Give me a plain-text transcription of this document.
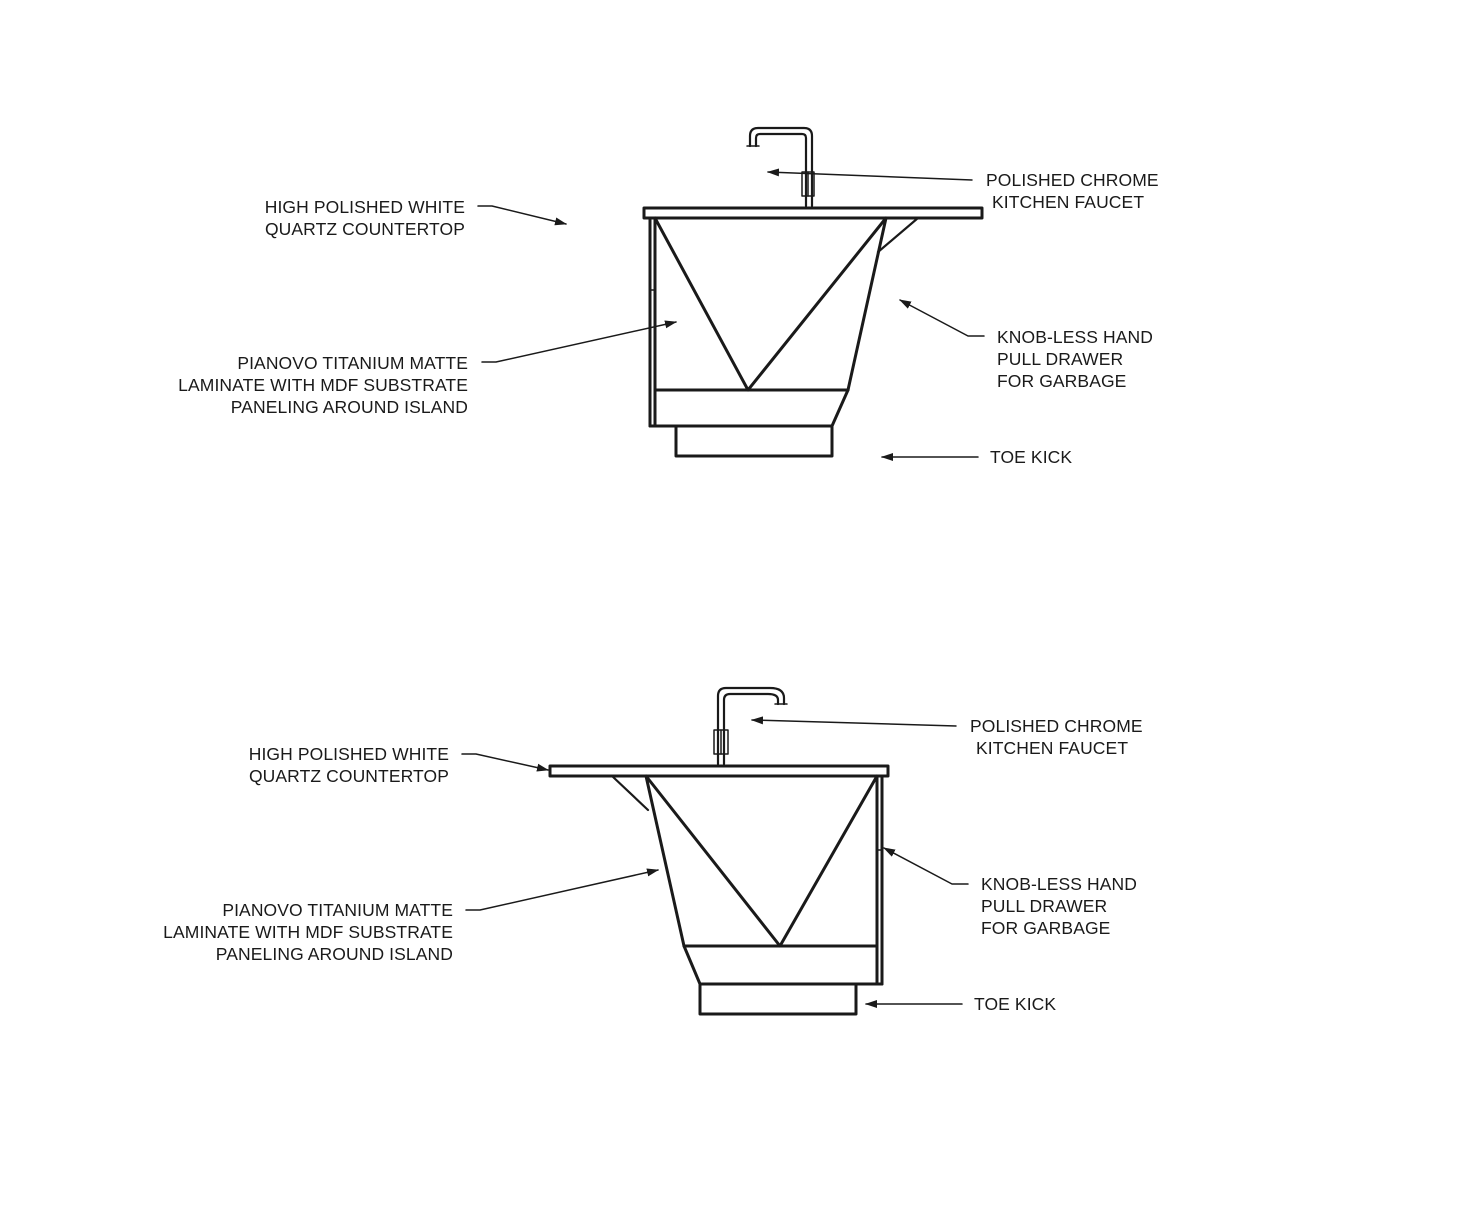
HIGH POLISHED WHITE
QUARTZ COUNTERTOP
POLISHED CHROME
KITCHEN FAUCET
PIANOVO TITANIUM MATTE
LAMINATE WITH MDF SUBSTRATE
PANELING AROUND ISLAND
KNOB-LESS HAND
PULL DRAWER
FOR GARBAGE
TOE KICK
HIGH POLISHED WHITE
QUARTZ COUNTERTOP
POLISHED CHROME
KITCHEN FAUCET
PIANOVO TITANIUM MATTE
LAMINATE WITH MDF SUBSTRATE
PANELING AROUND ISLAND
KNOB-LESS HAND
PULL DRAWER
FOR GARBAGE
TOE KICK
